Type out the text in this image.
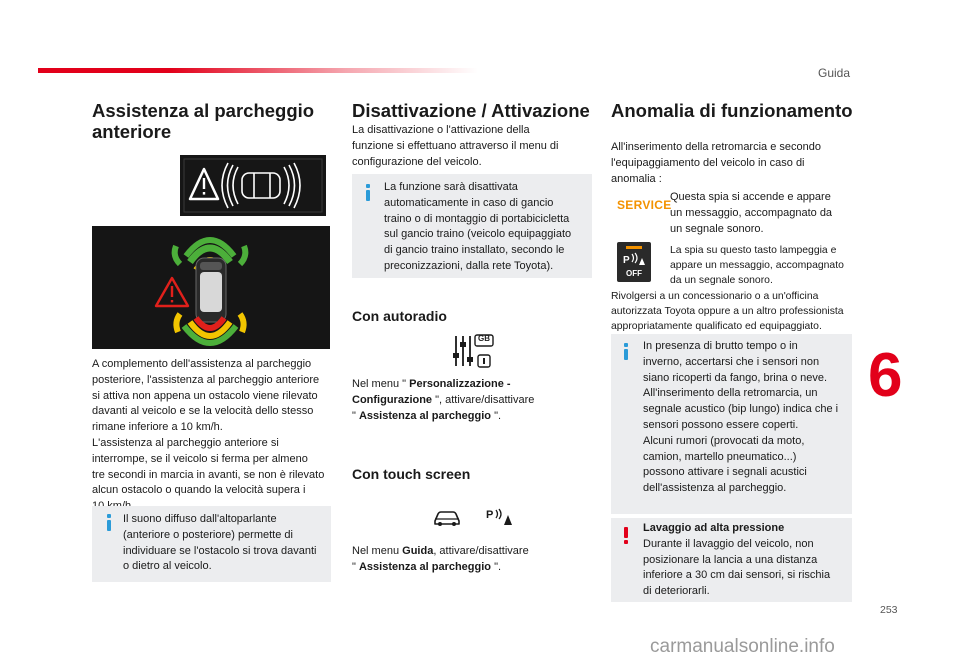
Guida
Assistenza al parcheggio anteriore
A complemento dell'assistenza al parcheggio
posteriore, l'assistenza al parcheggio anteriore
si attiva non appena un ostacolo viene rilevato
davanti al veicolo e se la velocità dello stesso
rimane inferiore a 10 km/h.
L'assistenza al parcheggio anteriore si
interrompe, se il veicolo si ferma per almeno
tre secondi in marcia in avanti, se non è rilevato
alcun ostacolo o quando la velocità supera i
Il suono diffuso dall'altoparlante
(anteriore o posteriore) permette di
individuare se l'ostacolo si trova davanti
o dietro al veicolo.
Disattivazione / Attivazione
La disattivazione o l'attivazione della
funzione si effettuano attraverso il menu di
configurazione del veicolo.
La funzione sarà disattivata
automaticamente in caso di gancio
traino o di montaggio di portabicicletta
sul gancio traino (veicolo equipaggiato
di gancio traino installato, secondo le
preconizzazioni, dalla rete Toyota).
Con autoradio
GB
Nel menu " Personalizzazione -
Configurazione ", attivare/disattivare
" Assistenza al parcheggio ".
Con touch screen
P
Nel menu Guida, attivare/disattivare
" Assistenza al parcheggio ".
Anomalia di funzionamento
All'inserimento della retromarcia e secondo
l'equipaggiamento del veicolo in caso di
anomalia :
SERVICE
Questa spia si accende e appare
un messaggio, accompagnato da
un segnale sonoro.
P
OFF
La spia su questo tasto lampeggia e
appare un messaggio, accompagnato
da un segnale sonoro.
Rivolgersi a un concessionario o a un'officina
autorizzata Toyota oppure a un altro professionista
appropriatamente qualificato ed equipaggiato.
In presenza di brutto tempo o in
inverno, accertarsi che i sensori non
siano ricoperti da fango, brina o neve.
All'inserimento della retromarcia, un
segnale acustico (bip lungo) indica che i
sensori possono essere coperti.
Alcuni rumori (provocati da moto,
camion, martello pneumatico...)
possono attivare i segnali acustici
dell'assistenza al parcheggio.
Lavaggio ad alta pressione
Durante il lavaggio del veicolo, non
posizionare la lancia a una distanza
inferiore a 30 cm dai sensori, si rischia
di deteriorarli.
6
253
carmanualsonline.info
